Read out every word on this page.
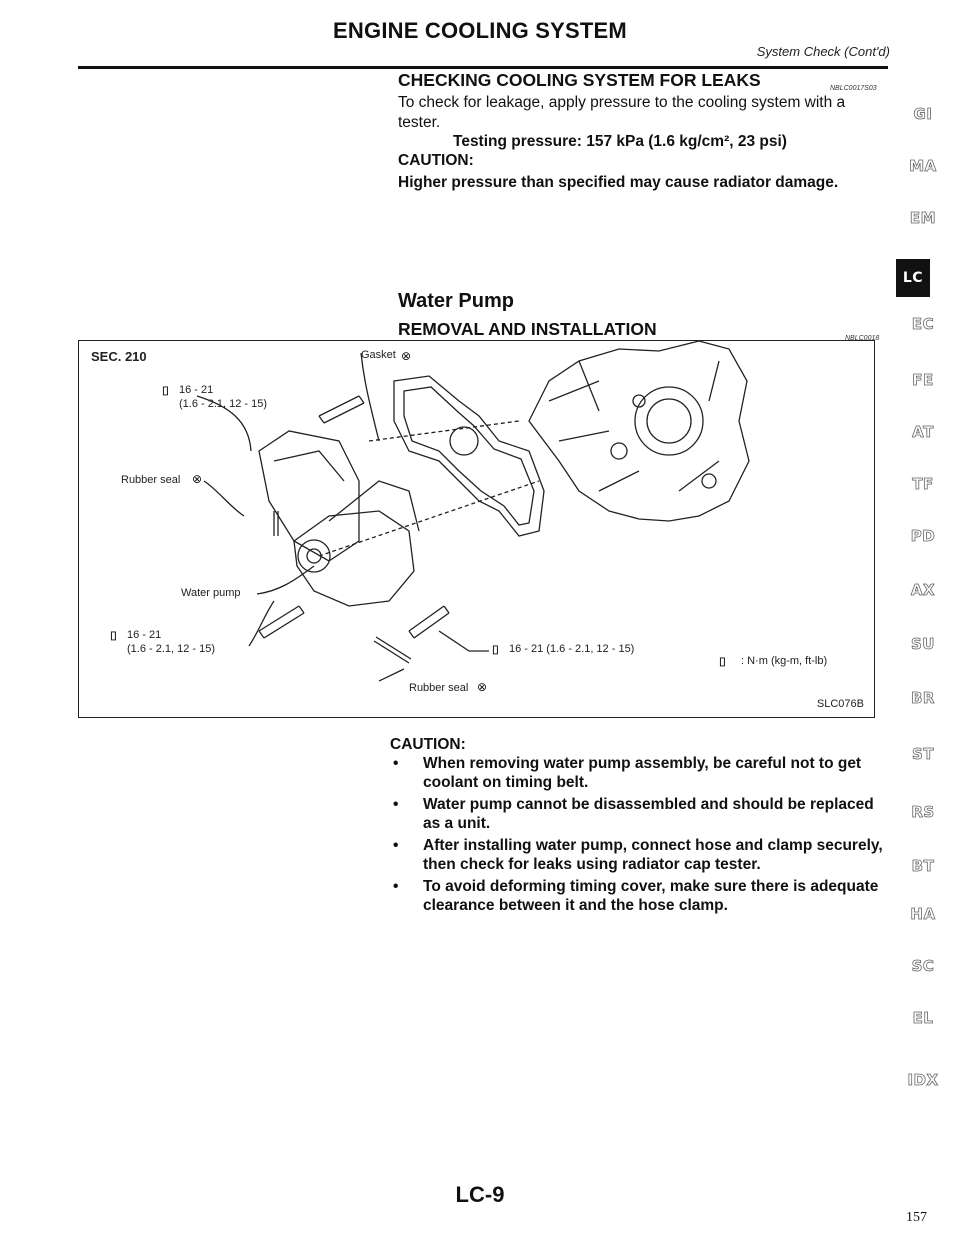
ENGINE COOLING SYSTEM
System Check (Cont'd)
CHECKING COOLING SYSTEM FOR LEAKS	NBLC0017S03
To check for leakage, apply pressure to the cooling system with a tester.
Testing pressure: 157 kPa (1.6 kg/cm², 23 psi)
CAUTION:
Higher pressure than specified may cause radiator damage.
Water Pump
REMOVAL AND INSTALLATION	NBLC0018
SEC. 210	Gasket ⊗
⌷ 16 - 21
(1.6 - 2.1, 12 - 15)
Rubber seal ⊗
Water pump
⌷ 16 - 21
(1.6 - 2.1, 12 - 15)	⌷ 16 - 21 (1.6 - 2.1, 12 - 15)
⌷ : N·m (kg-m, ft-lb)
Rubber seal ⊗
SLC076B
CAUTION:
• When removing water pump assembly, be careful not to get coolant on timing belt.
• Water pump cannot be disassembled and should be replaced as a unit.
• After installing water pump, connect hose and clamp securely, then check for leaks using radiator cap tester.
• To avoid deforming timing cover, make sure there is adequate clearance between it and the hose clamp.
GI
MA
EM
LC
EC
FE
AT
TF
PD
AX
SU
BR
ST
RS
BT
HA
SC
EL
IDX
LC-9
157
